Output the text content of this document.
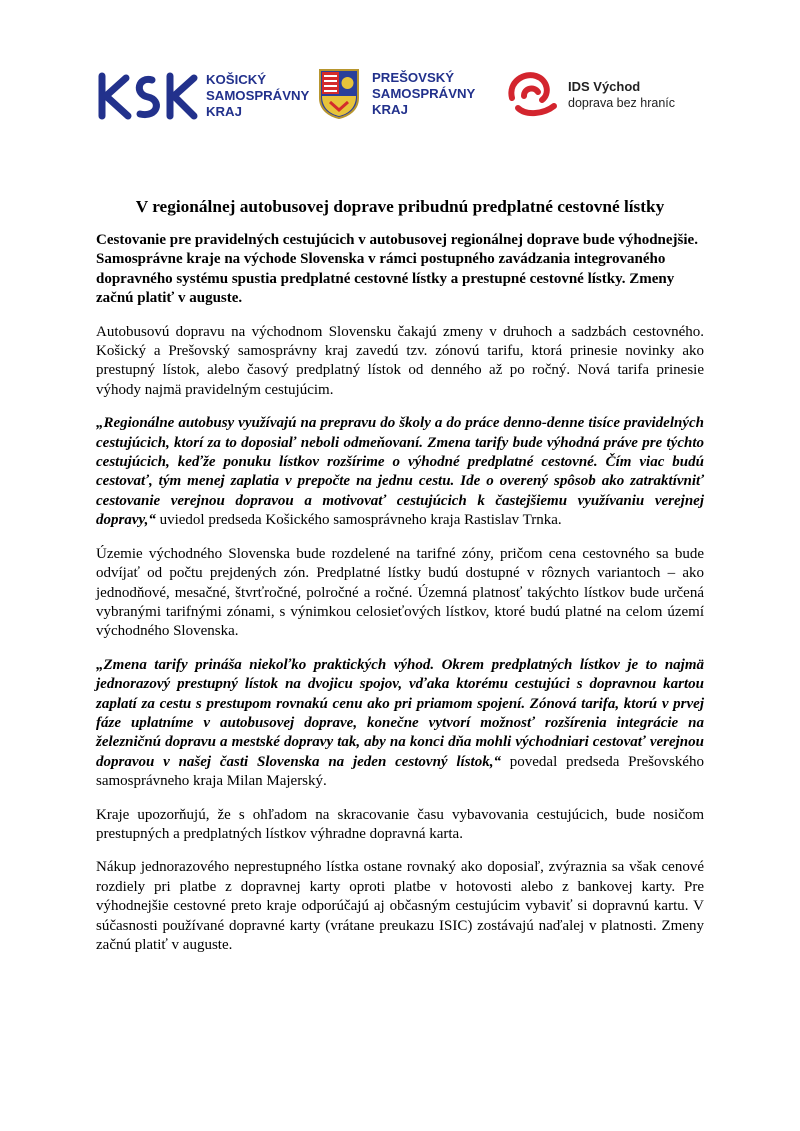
KOŠICKÝ
SAMOSPRÁVNY
KRAJ
PREŠOVSKÝ
SAMOSPRÁVNY
KRAJ
IDS Východ
doprava bez hraníc
V regionálnej autobusovej doprave pribudnú predplatné cestovné lístky

Cestovanie pre pravidelných cestujúcich v autobusovej regionálnej doprave bude výhodnejšie. Samosprávne kraje na východe Slovenska v rámci postupného zavádzania integrovaného dopravného systému spustia predplatné cestovné lístky a prestupné cestovné lístky. Zmeny začnú platiť v auguste.

Autobusovú dopravu na východnom Slovensku čakajú zmeny v druhoch a sadzbách cestovného. Košický a Prešovský samosprávny kraj zavedú tzv. zónovú tarifu, ktorá prinesie novinky ako prestupný lístok, alebo časový predplatný lístok od denného až po ročný. Nová tarifa prinesie výhody najmä pravidelným cestujúcim.

„Regionálne autobusy využívajú na prepravu do školy a do práce denno-denne tisíce pravidelných cestujúcich, ktorí za to doposiaľ neboli odmeňovaní. Zmena tarify bude výhodná práve pre týchto cestujúcich, keďže ponuku lístkov rozšírime o výhodné predplatné cestovné. Čím viac budú cestovať, tým menej zaplatia v prepočte na jednu cestu. Ide o overený spôsob ako zatraktívniť cestovanie verejnou dopravou a motivovať cestujúcich k častejšiemu využívaniu verejnej dopravy,“ uviedol predseda Košického samosprávneho kraja Rastislav Trnka.

Územie východného Slovenska bude rozdelené na tarifné zóny, pričom cena cestovného sa bude odvíjať od počtu prejdených zón. Predplatné lístky budú dostupné v rôznych variantoch – ako jednodňové, mesačné, štvrťročné, polročné a ročné. Územná platnosť takýchto lístkov bude určená vybranými tarifnými zónami, s výnimkou celosieťových lístkov, ktoré budú platné na celom území východného Slovenska.

„Zmena tarify prináša niekoľko praktických výhod. Okrem predplatných lístkov je to najmä jednorazový prestupný lístok na dvojicu spojov, vďaka ktorému cestujúci s dopravnou kartou zaplatí za cestu s prestupom rovnakú cenu ako pri priamom spojení. Zónová tarifa, ktorú v prvej fáze uplatníme v autobusovej doprave, konečne vytvorí možnosť rozšírenia integrácie na železničnú dopravu a mestské dopravy tak, aby na konci dňa mohli východniari cestovať verejnou dopravou v našej časti Slovenska na jeden cestovný lístok,“ povedal predseda Prešovského samosprávneho kraja Milan Majerský.

Kraje upozorňujú, že s ohľadom na skracovanie času vybavovania cestujúcich, bude nosičom prestupných a predplatných lístkov výhradne dopravná karta.

Nákup jednorazového neprestupného lístka ostane rovnaký ako doposiaľ, zvýraznia sa však cenové rozdiely pri platbe z dopravnej karty oproti platbe v hotovosti alebo z bankovej karty. Pre výhodnejšie cestovné preto kraje odporúčajú aj občasným cestujúcim vybaviť si dopravnú kartu. V súčasnosti používané dopravné karty (vrátane preukazu ISIC) zostávajú naďalej v platnosti. Zmeny začnú platiť v auguste.
